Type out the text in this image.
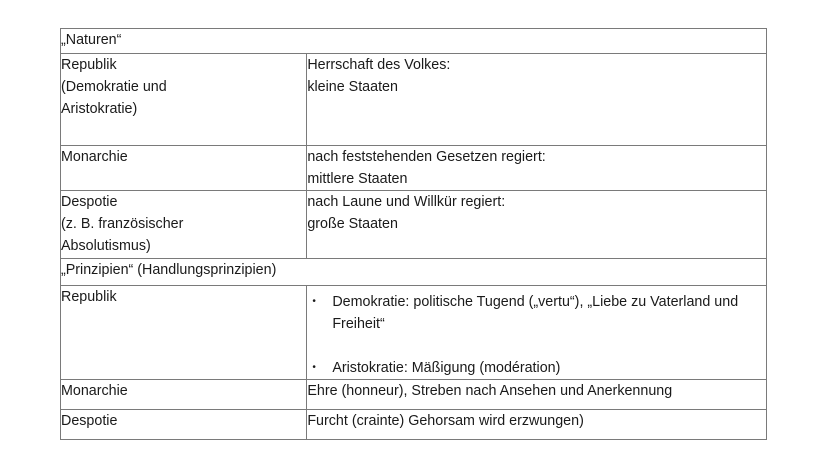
„Naturen“	

Republik
(Demokratie und
Aristokratie)	Herrschaft des Volkes:
kleine Staaten

Monarchie	nach feststehenden Gesetzen regiert:
mittlere Staaten

Despotie
(z. B. französischer
Absolutismus)	nach Laune und Willkür regiert:
große Staaten

„Prinzipien“ (Handlungsprinzipien)	

Republik	• Demokratie: politische Tugend („vertu“), „Liebe zu Vaterland und Freiheit“
• Aristokratie: Mäßigung (modération)

Monarchie	Ehre (honneur), Streben nach Ansehen und Anerkennung

Despotie	Furcht (crainte) Gehorsam wird erzwungen)
